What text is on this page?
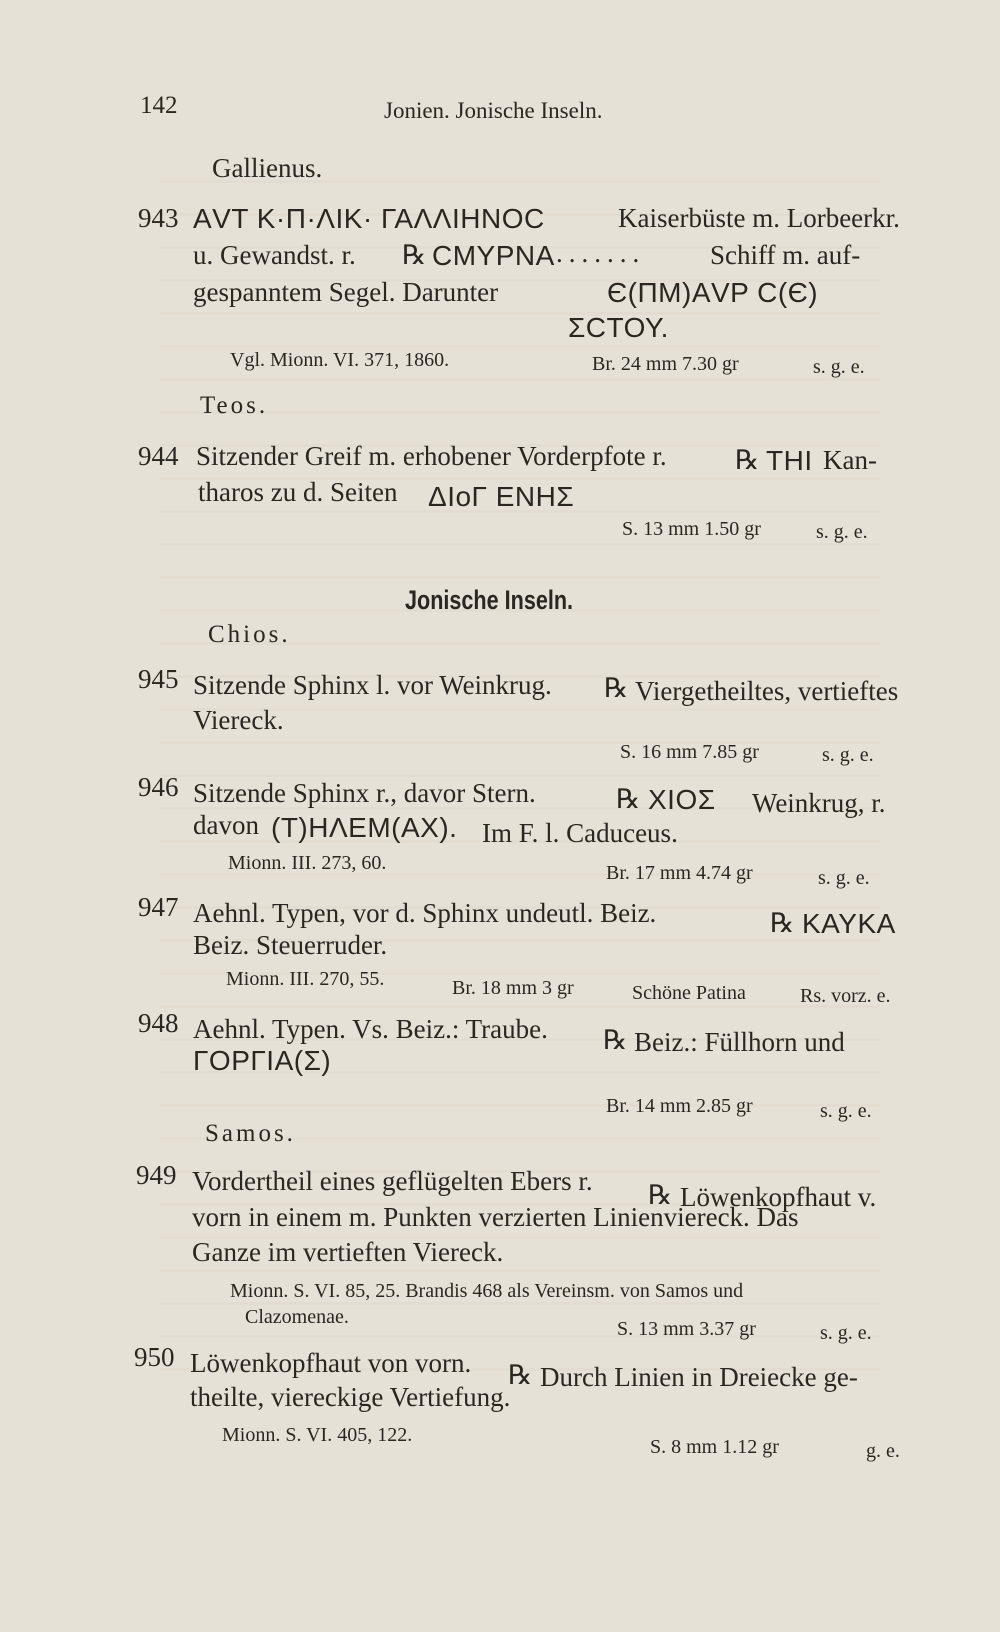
142	Jonien. Jonische Inseln.
Gallienus.
943 ΑVΤ Κ·Π·ΛΙΚ· ΓΑΛΛΙΗΝΟϹ	Kaiserbüste m. Lorbeerkr.
u. Gewandst. r. ℞ ϹΜΥΡΝΑ ....... Schiff m. auf-
gespanntem Segel. Darunter	Є(ΠΜ)ΑVΡ Ϲ(Є)
ΣϹΤΟΥ.
Vgl. Mionn. VI. 371, 1860.	Br. 24 mm 7.30 gr	s. g. e.
Teos.
944 Sitzender Greif m. erhobener Vorderpfote r.	℞ ΤΗΙ Kan-
tharos zu d. Seiten ΔΙοΓ ΕΝΗΣ
S. 13 mm 1.50 gr	s. g. e.
Jonische Inseln.
Chios.
945 Sitzende Sphinx l. vor Weinkrug. ℞ Viergetheiltes, vertieftes
Viereck.
S. 16 mm 7.85 gr	s. g. e.
946 Sitzende Sphinx r., davor Stern.	℞ ΧΙΟΣ Weinkrug, r.
davon (Τ)ΗΛΕΜ(ΑΧ). Im F. l. Caduceus.
Mionn. III. 273, 60.	Br. 17 mm 4.74 gr	s. g. e.
947 Aehnl. Typen, vor d. Sphinx undeutl. Beiz.	℞ ΚΑΥΚΑ
Beiz. Steuerruder.
Mionn. III. 270, 55.	Br. 18 mm 3 gr	Schöne Patina	Rs. vorz. e.
948 Aehnl. Typen. Vs. Beiz.: Traube. ℞ Beiz.: Füllhorn und
ΓΟΡΓΙΑ(Σ)
Br. 14 mm 2.85 gr	s. g. e.
Samos.
949 Vordertheil eines geflügelten Ebers r. ℞ Löwenkopfhaut v.
vorn in einem m. Punkten verzierten Linienviereck. Das
Ganze im vertieften Viereck.
Mionn. S. VI. 85, 25. Brandis 468 als Vereinsm. von Samos und
Clazomenae.
S. 13 mm 3.37 gr	s. g. e.
950 Löwenkopfhaut von vorn. ℞ Durch Linien in Dreiecke ge-
theilte, viereckige Vertiefung.
Mionn. S. VI. 405, 122.
S. 8 mm 1.12 gr	g. e.
